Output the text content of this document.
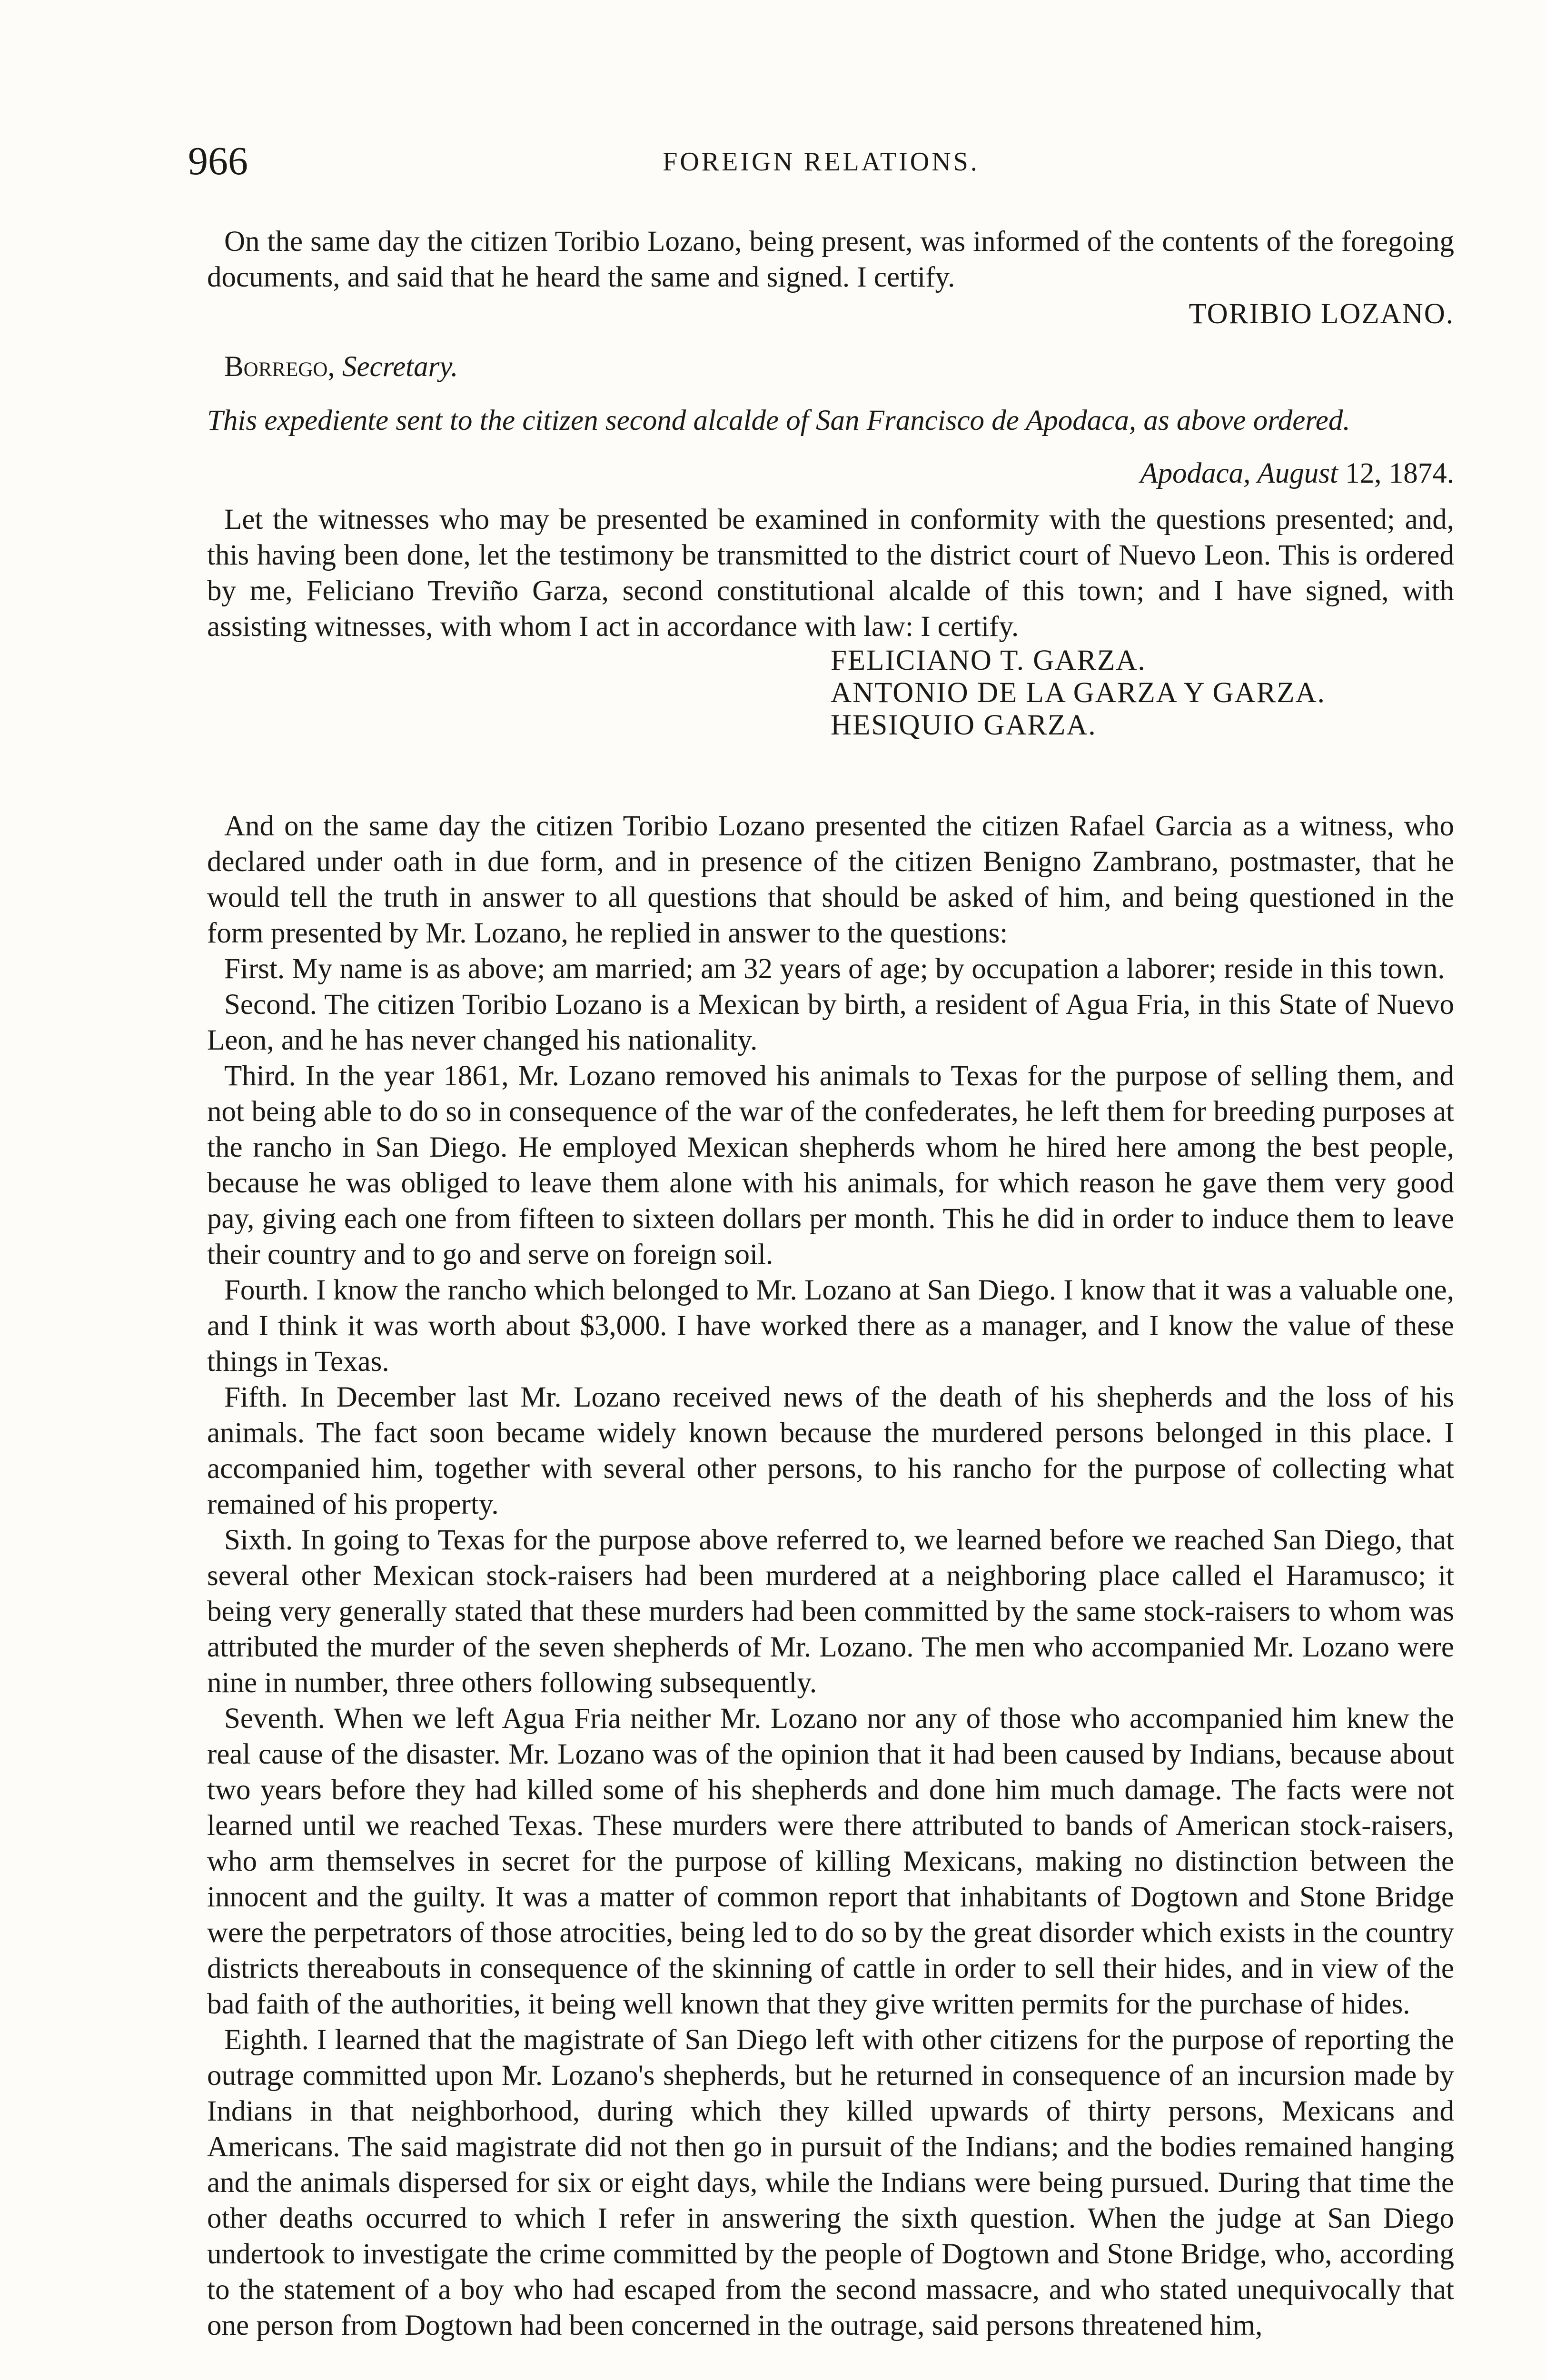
966	FOREIGN RELATIONS.

On the same day the citizen Toribio Lozano, being present, was informed of the contents of the foregoing documents, and said that he heard the same and signed. I certify.

TORIBIO LOZANO.
Borrego, Secretary.
This expediente sent to the citizen second alcalde of San Francisco de Apodaca, as above ordered.
Apodaca, August 12, 1874.

Let the witnesses who may be presented be examined in conformity with the questions presented; and, this having been done, let the testimony be transmitted to the district court of Nuevo Leon. This is ordered by me, Feliciano Treviño Garza, second constitutional alcalde of this town; and I have signed, with assisting witnesses, with whom I act in accordance with law: I certify.

FELICIANO T. GARZA.
ANTONIO DE LA GARZA Y GARZA.
HESIQUIO GARZA.

And on the same day the citizen Toribio Lozano presented the citizen Rafael Garcia as a witness, who declared under oath in due form, and in presence of the citizen Benigno Zambrano, postmaster, that he would tell the truth in answer to all questions that should be asked of him, and being questioned in the form presented by Mr. Lozano, he replied in answer to the questions:

First. My name is as above; am married; am 32 years of age; by occupation a laborer; reside in this town.

Second. The citizen Toribio Lozano is a Mexican by birth, a resident of Agua Fria, in this State of Nuevo Leon, and he has never changed his nationality.

Third. In the year 1861, Mr. Lozano removed his animals to Texas for the purpose of selling them, and not being able to do so in consequence of the war of the confederates, he left them for breeding purposes at the rancho in San Diego. He employed Mexican shepherds whom he hired here among the best people, because he was obliged to leave them alone with his animals, for which reason he gave them very good pay, giving each one from fifteen to sixteen dollars per month. This he did in order to induce them to leave their country and to go and serve on foreign soil.

Fourth. I know the rancho which belonged to Mr. Lozano at San Diego. I know that it was a valuable one, and I think it was worth about $3,000. I have worked there as a manager, and I know the value of these things in Texas.

Fifth. In December last Mr. Lozano received news of the death of his shepherds and the loss of his animals. The fact soon became widely known because the murdered persons belonged in this place. I accompanied him, together with several other persons, to his rancho for the purpose of collecting what remained of his property.

Sixth. In going to Texas for the purpose above referred to, we learned before we reached San Diego, that several other Mexican stock-raisers had been murdered at a neighboring place called el Haramusco; it being very generally stated that these murders had been committed by the same stock-raisers to whom was attributed the murder of the seven shepherds of Mr. Lozano. The men who accompanied Mr. Lozano were nine in number, three others following subsequently.

Seventh. When we left Agua Fria neither Mr. Lozano nor any of those who accompanied him knew the real cause of the disaster. Mr. Lozano was of the opinion that it had been caused by Indians, because about two years before they had killed some of his shepherds and done him much damage. The facts were not learned until we reached Texas. These murders were there attributed to bands of American stock-raisers, who arm themselves in secret for the purpose of killing Mexicans, making no distinction between the innocent and the guilty. It was a matter of common report that inhabitants of Dogtown and Stone Bridge were the perpetrators of those atrocities, being led to do so by the great disorder which exists in the country districts thereabouts in consequence of the skinning of cattle in order to sell their hides, and in view of the bad faith of the authorities, it being well known that they give written permits for the purchase of hides.

Eighth. I learned that the magistrate of San Diego left with other citizens for the purpose of reporting the outrage committed upon Mr. Lozano's shepherds, but he returned in consequence of an incursion made by Indians in that neighborhood, during which they killed upwards of thirty persons, Mexicans and Americans. The said magistrate did not then go in pursuit of the Indians; and the bodies remained hanging and the animals dispersed for six or eight days, while the Indians were being pursued. During that time the other deaths occurred to which I refer in answering the sixth question. When the judge at San Diego undertook to investigate the crime committed by the people of Dogtown and Stone Bridge, who, according to the statement of a boy who had escaped from the second massacre, and who stated unequivocally that one person from Dogtown had been concerned in the outrage, said persons threatened him,
